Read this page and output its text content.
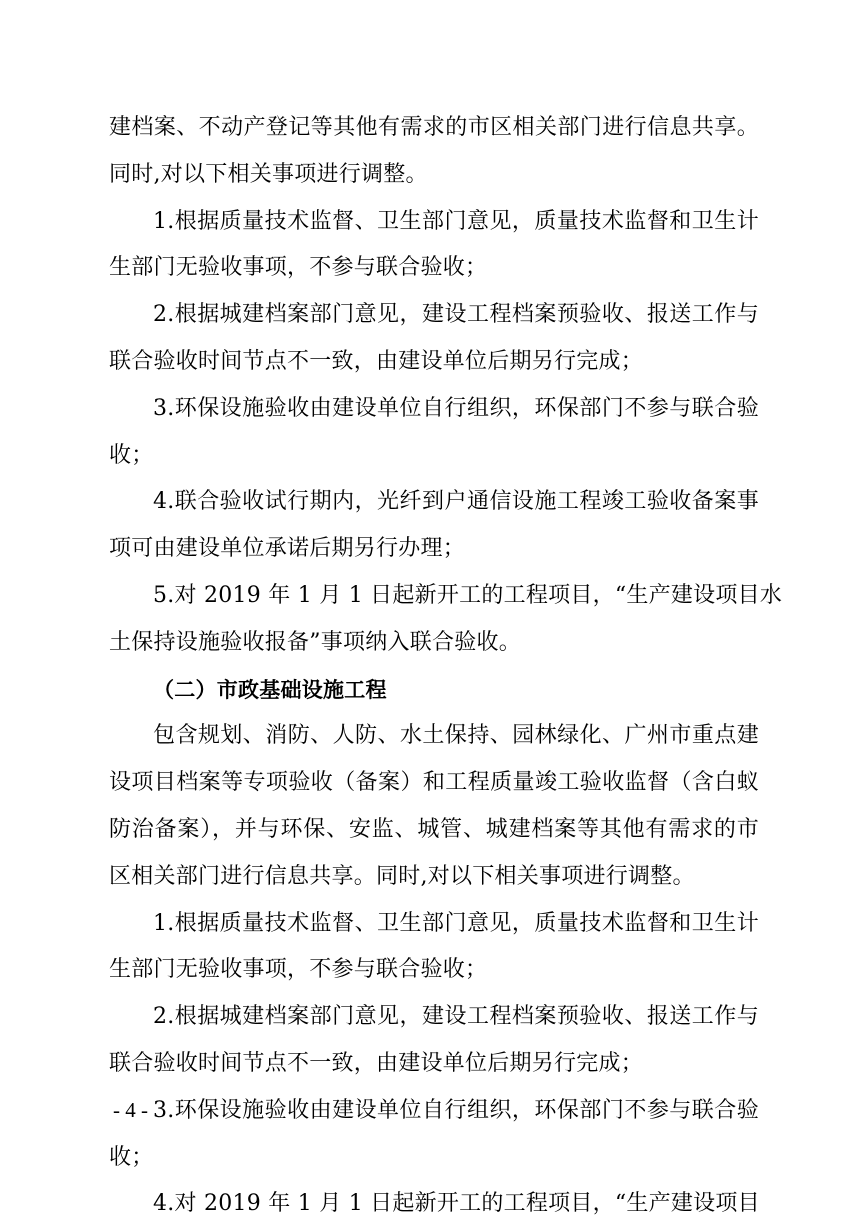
建档案、不动产登记等其他有需求的市区相关部门进行信息共享。
同时,对以下相关事项进行调整。
1.根据质量技术监督、卫生部门意见，质量技术监督和卫生计
生部门无验收事项，不参与联合验收；
2.根据城建档案部门意见，建设工程档案预验收、报送工作与
联合验收时间节点不一致，由建设单位后期另行完成；
3.环保设施验收由建设单位自行组织，环保部门不参与联合验
收；
4.联合验收试行期内，光纤到户通信设施工程竣工验收备案事
项可由建设单位承诺后期另行办理；
5.对 2019 年 1 月 1 日起新开工的工程项目，“生产建设项目水
土保持设施验收报备”事项纳入联合验收。
（二）市政基础设施工程
包含规划、消防、人防、水土保持、园林绿化、广州市重点建
设项目档案等专项验收（备案）和工程质量竣工验收监督（含白蚁
防治备案），并与环保、安监、城管、城建档案等其他有需求的市
区相关部门进行信息共享。同时,对以下相关事项进行调整。
1.根据质量技术监督、卫生部门意见，质量技术监督和卫生计
生部门无验收事项，不参与联合验收；
2.根据城建档案部门意见，建设工程档案预验收、报送工作与
联合验收时间节点不一致，由建设单位后期另行完成；
3.环保设施验收由建设单位自行组织，环保部门不参与联合验
收；
4.对 2019 年 1 月 1 日起新开工的工程项目，“生产建设项目
- 4 -
